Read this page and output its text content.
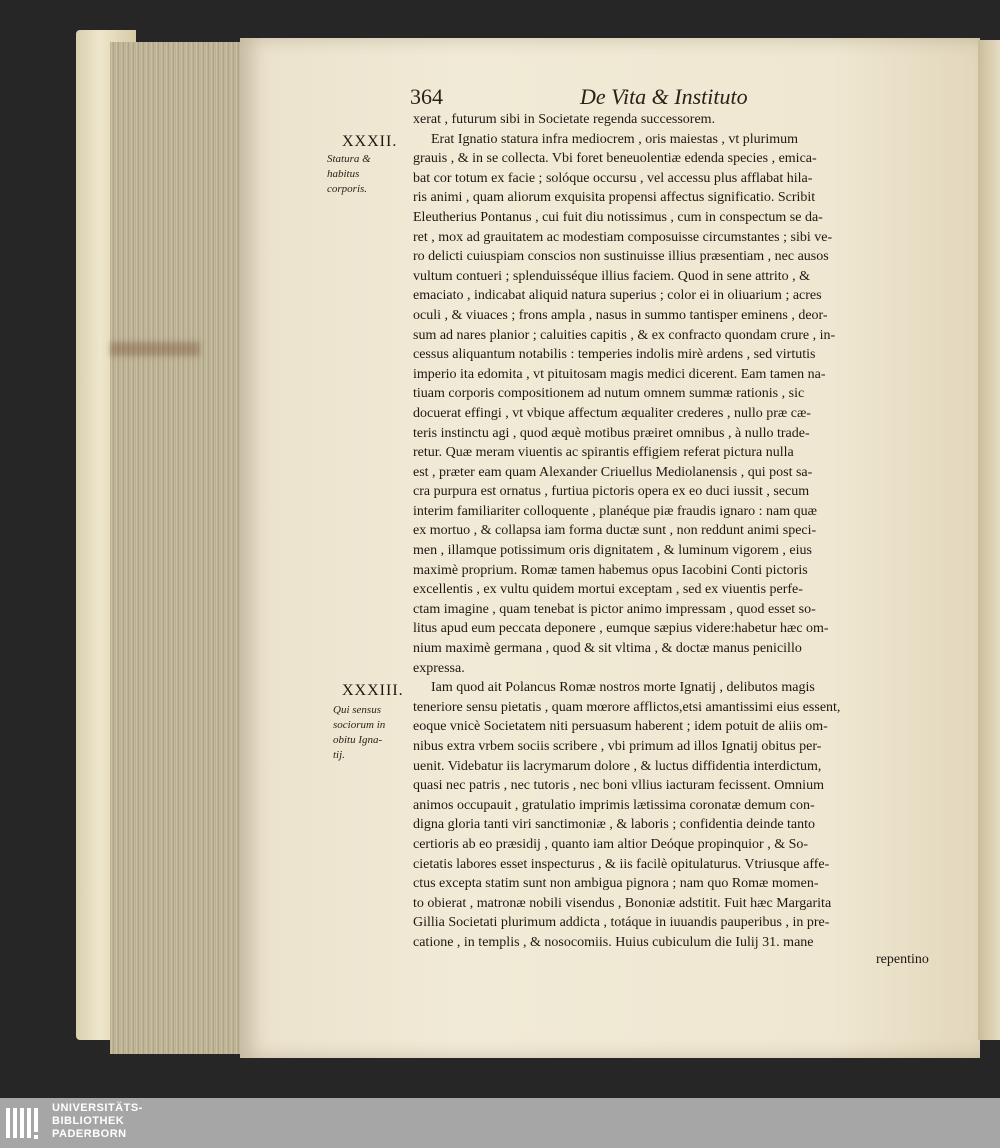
364	De Vita & Instituto
XXXII.
Statura &
habitus
corporis.
XXXIII.
Qui sensus
sociorum in
obitu Igna-
tij.
xerat , futurum sibi in Societate regenda successorem.
Erat Ignatio statura infra mediocrem , oris maiestas , vt plurimum
grauis , & in se collecta. Vbi foret beneuolentiæ edenda species , emica-
bat cor totum ex facie ; solóque occursu , vel accessu plus afflabat hila-
ris animi , quam aliorum exquisita propensi affectus significatio. Scribit
Eleutherius Pontanus , cui fuit diu notissimus , cum in conspectum se da-
ret , mox ad grauitatem ac modestiam composuisse circumstantes ; sibi ve-
ro delicti cuiuspiam conscios non sustinuisse illius præsentiam , nec ausos
vultum contueri ; splenduisséque illius faciem. Quod in sene attrito , &
emaciato , indicabat aliquid natura superius ; color ei in oliuarium ; acres
oculi , & viuaces ; frons ampla , nasus in summo tantisper eminens , deor-
sum ad nares planior ; caluities capitis , & ex confracto quondam crure , in-
cessus aliquantum notabilis : temperies indolis mirè ardens , sed virtutis
imperio ita edomita , vt pituitosam magis medici dicerent. Eam tamen na-
tiuam corporis compositionem ad nutum omnem summæ rationis , sic
docuerat effingi , vt vbique affectum æqualiter crederes , nullo præ cæ-
teris instinctu agi , quod æquè motibus præiret omnibus , à nullo trade-
retur. Quæ meram viuentis ac spirantis effigiem referat pictura nulla
est , præter eam quam Alexander Criuellus Mediolanensis , qui post sa-
cra purpura est ornatus , furtiua pictoris opera ex eo duci iussit , secum
interim familiariter colloquente , planéque piæ fraudis ignaro : nam quæ
ex mortuo , & collapsa iam forma ductæ sunt , non reddunt animi speci-
men , illamque potissimum oris dignitatem , & luminum vigorem , eius
maximè proprium. Romæ tamen habemus opus Iacobini Conti pictoris
excellentis , ex vultu quidem mortui exceptam , sed ex viuentis perfe-
ctam imagine , quam tenebat is pictor animo impressam , quod esset so-
litus apud eum peccata deponere , eumque sæpius videre:habetur hæc om-
nium maximè germana , quod & sit vltima , & doctæ manus penicillo
expressa.
Iam quod ait Polancus Romæ nostros morte Ignatij , delibutos magis
teneriore sensu pietatis , quam mœrore afflictos,etsi amantissimi eius essent,
eoque vnicè Societatem niti persuasum haberent ; idem potuit de aliis om-
nibus extra vrbem sociis scribere , vbi primum ad illos Ignatij obitus per-
uenit. Videbatur iis lacrymarum dolore , & luctus diffidentia interdictum,
quasi nec patris , nec tutoris , nec boni vllius iacturam fecissent. Omnium
animos occupauit , gratulatio imprimis lætissima coronatæ demum con-
digna gloria tanti viri sanctimoniæ , & laboris ; confidentia deinde tanto
certioris ab eo præsidij , quanto iam altior Deóque propinquior , & So-
cietatis labores esset inspecturus , & iis facilè opitulaturus. Vtriusque affe-
ctus excepta statim sunt non ambigua pignora ; nam quo Romæ momen-
to obierat , matronæ nobili visendus , Bononiæ adstitit. Fuit hæc Margarita
Gillia Societati plurimum addicta , totáque in iuuandis pauperibus , in pre-
catione , in templis , & nosocomiis. Huius cubiculum die Iulij 31. mane
repentino
UNIVERSITÄTS-
BIBLIOTHEK
PADERBORN
